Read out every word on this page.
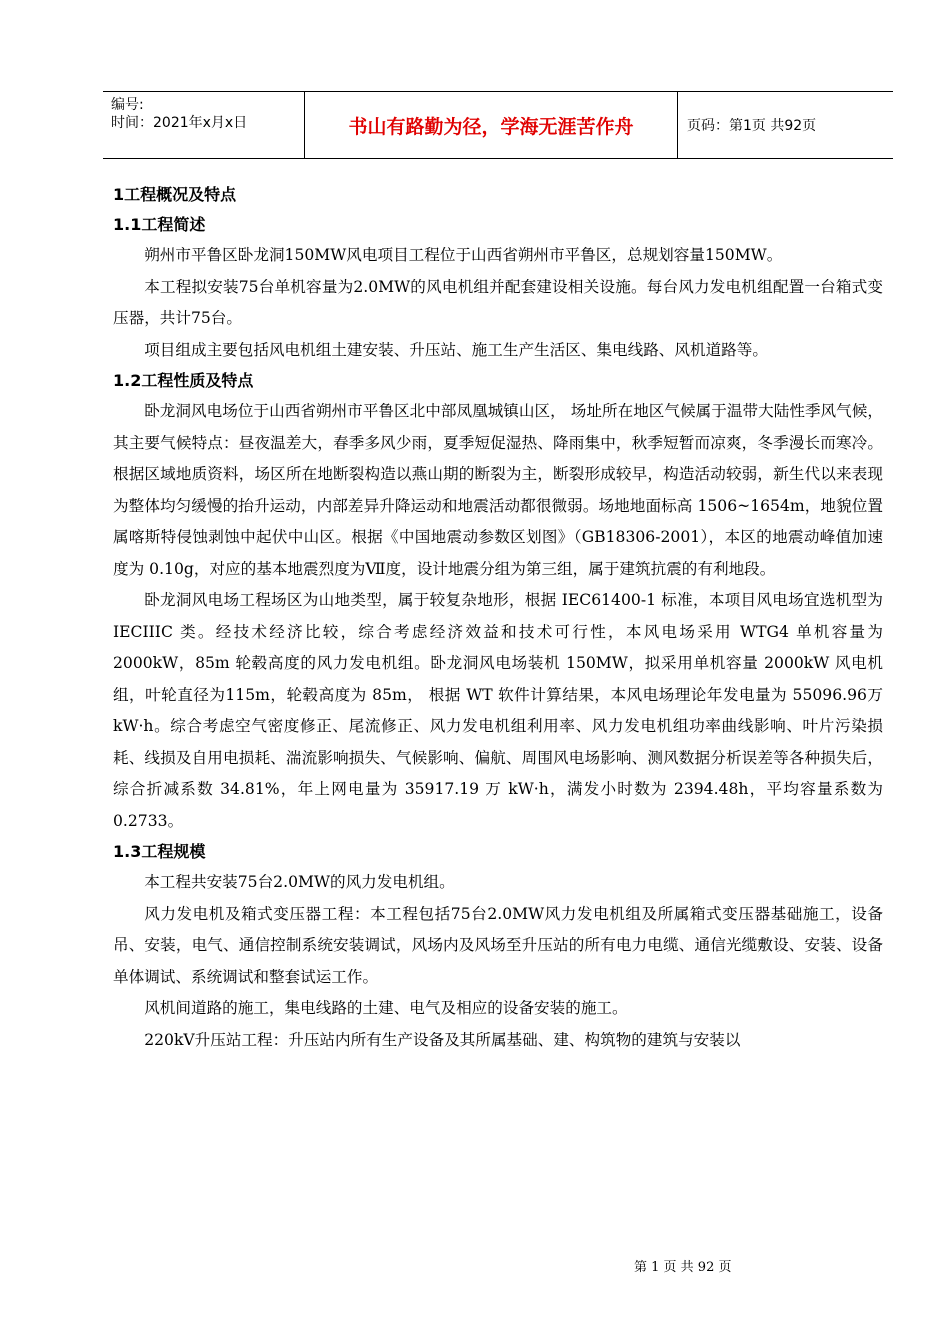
编号:
时间：2021年x月x日	书山有路勤为径，学海无涯苦作舟	页码：第1页 共92页
1工程概况及特点
1.1工程简述

朔州市平鲁区卧龙洞150MW风电项目工程位于山西省朔州市平鲁区，总规划容量150MW。

本工程拟安装75台单机容量为2.0MW的风电机组并配套建设相关设施。每台风力发电机组配置一台箱式变压器，共计75台。

项目组成主要包括风电机组土建安装、升压站、施工生产生活区、集电线路、风机道路等。

1.2工程性质及特点

卧龙洞风电场位于山西省朔州市平鲁区北中部凤凰城镇山区， 场址所在地区气候属于温带大陆性季风气候，其主要气候特点：昼夜温差大，春季多风少雨，夏季短促湿热、降雨集中，秋季短暂而凉爽，冬季漫长而寒冷。根据区域地质资料，场区所在地断裂构造以燕山期的断裂为主，断裂形成较早，构造活动较弱，新生代以来表现为整体均匀缓慢的抬升运动，内部差异升降运动和地震活动都很微弱。场地地面标高 1506~1654m，地貌位置属喀斯特侵蚀剥蚀中起伏中山区。根据《中国地震动参数区划图》（GB18306-2001），本区的地震动峰值加速度为 0.10g，对应的基本地震烈度为Ⅶ度，设计地震分组为第三组，属于建筑抗震的有利地段。

卧龙洞风电场工程场区为山地类型，属于较复杂地形，根据 IEC61400-1 标准，本项目风电场宜选机型为 IECIIIC 类。经技术经济比较，综合考虑经济效益和技术可行性，本风电场采用 WTG4 单机容量为 2000kW，85m 轮毂高度的风力发电机组。卧龙洞风电场装机 150MW，拟采用单机容量 2000kW 风电机组，叶轮直径为115m，轮毂高度为 85m， 根据 WT 软件计算结果，本风电场理论年发电量为 55096.96万 kW·h。综合考虑空气密度修正、尾流修正、风力发电机组利用率、风力发电机组功率曲线影响、叶片污染损耗、线损及自用电损耗、湍流影响损失、气候影响、偏航、周围风电场影响、测风数据分析误差等各种损失后，综合折减系数 34.81%，年上网电量为 35917.19 万 kW·h，满发小时数为 2394.48h，平均容量系数为 0.2733。

1.3工程规模

本工程共安装75台2.0MW的风力发电机组。

风力发电机及箱式变压器工程：本工程包括75台2.0MW风力发电机组及所属箱式变压器基础施工，设备吊、安装，电气、通信控制系统安装调试，风场内及风场至升压站的所有电力电缆、通信光缆敷设、安装、设备单体调试、系统调试和整套试运工作。

风机间道路的施工，集电线路的土建、电气及相应的设备安装的施工。

220kV升压站工程：升压站内所有生产设备及其所属基础、建、构筑物的建筑与安装以

第 1 页 共 92 页
